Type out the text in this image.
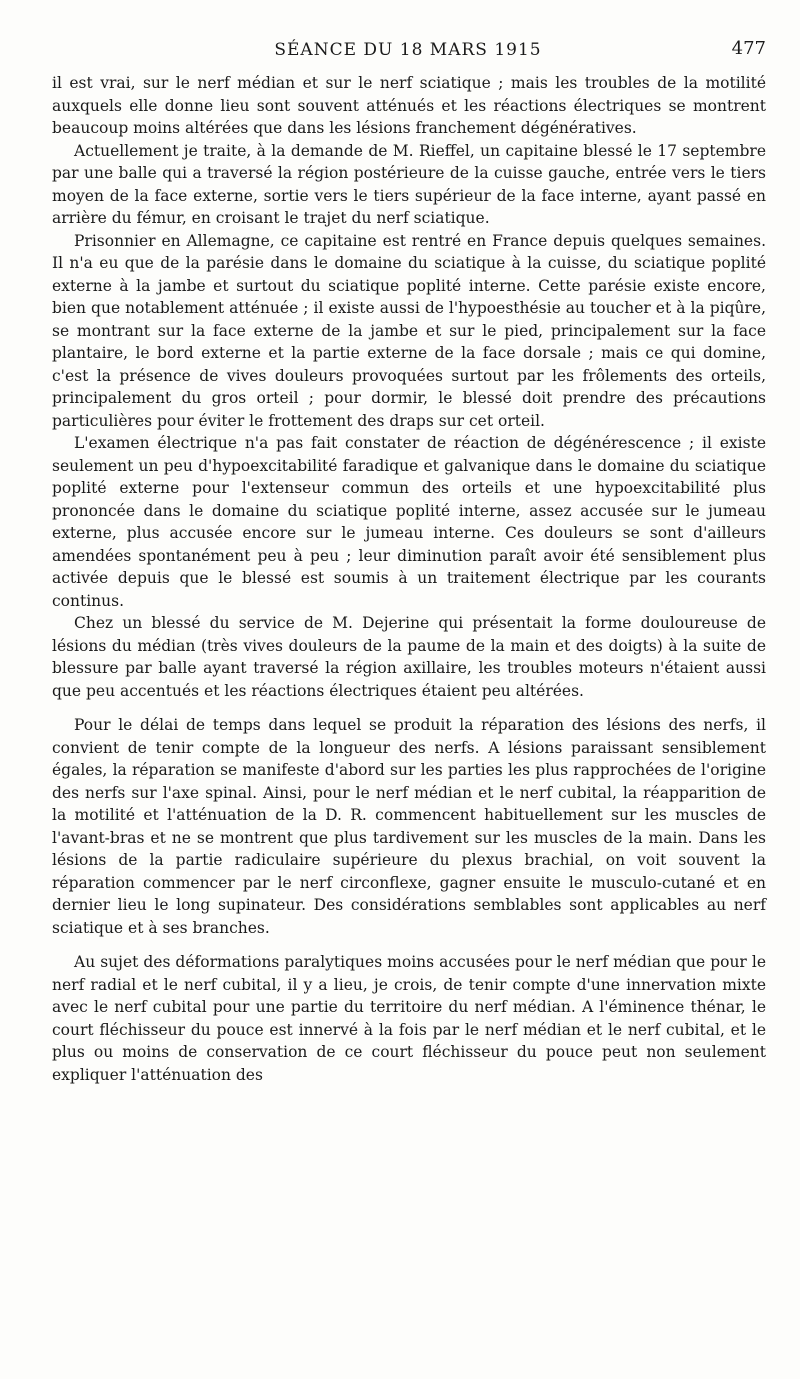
SÉANCE DU 18 MARS 1915	477

il est vrai, sur le nerf médian et sur le nerf sciatique ; mais les troubles de la motilité auxquels elle donne lieu sont souvent atténués et les réactions électriques se montrent beaucoup moins altérées que dans les lésions franchement dégénératives.

Actuellement je traite, à la demande de M. Rieffel, un capitaine blessé le 17 septembre par une balle qui a traversé la région postérieure de la cuisse gauche, entrée vers le tiers moyen de la face externe, sortie vers le tiers supérieur de la face interne, ayant passé en arrière du fémur, en croisant le trajet du nerf sciatique.

Prisonnier en Allemagne, ce capitaine est rentré en France depuis quelques semaines. Il n'a eu que de la parésie dans le domaine du sciatique à la cuisse, du sciatique poplité externe à la jambe et surtout du sciatique poplité interne. Cette parésie existe encore, bien que notablement atténuée ; il existe aussi de l'hypoesthésie au toucher et à la piqûre, se montrant sur la face externe de la jambe et sur le pied, principalement sur la face plantaire, le bord externe et la partie externe de la face dorsale ; mais ce qui domine, c'est la présence de vives douleurs provoquées surtout par les frôlements des orteils, principalement du gros orteil ; pour dormir, le blessé doit prendre des précautions particulières pour éviter le frottement des draps sur cet orteil.

L'examen électrique n'a pas fait constater de réaction de dégénérescence ; il existe seulement un peu d'hypoexcitabilité faradique et galvanique dans le domaine du sciatique poplité externe pour l'extenseur commun des orteils et une hypoexcitabilité plus prononcée dans le domaine du sciatique poplité interne, assez accusée sur le jumeau externe, plus accusée encore sur le jumeau interne. Ces douleurs se sont d'ailleurs amendées spontanément peu à peu ; leur diminution paraît avoir été sensiblement plus activée depuis que le blessé est soumis à un traitement électrique par les courants continus.

Chez un blessé du service de M. Dejerine qui présentait la forme douloureuse de lésions du médian (très vives douleurs de la paume de la main et des doigts) à la suite de blessure par balle ayant traversé la région axillaire, les troubles moteurs n'étaient aussi que peu accentués et les réactions électriques étaient peu altérées.

Pour le délai de temps dans lequel se produit la réparation des lésions des nerfs, il convient de tenir compte de la longueur des nerfs. A lésions paraissant sensiblement égales, la réparation se manifeste d'abord sur les parties les plus rapprochées de l'origine des nerfs sur l'axe spinal. Ainsi, pour le nerf médian et le nerf cubital, la réapparition de la motilité et l'atténuation de la D. R. commencent habituellement sur les muscles de l'avant-bras et ne se montrent que plus tardivement sur les muscles de la main. Dans les lésions de la partie radiculaire supérieure du plexus brachial, on voit souvent la réparation commencer par le nerf circonflexe, gagner ensuite le musculo-cutané et en dernier lieu le long supinateur. Des considérations semblables sont applicables au nerf sciatique et à ses branches.

Au sujet des déformations paralytiques moins accusées pour le nerf médian que pour le nerf radial et le nerf cubital, il y a lieu, je crois, de tenir compte d'une innervation mixte avec le nerf cubital pour une partie du territoire du nerf médian. A l'éminence thénar, le court fléchisseur du pouce est innervé à la fois par le nerf médian et le nerf cubital, et le plus ou moins de conservation de ce court fléchisseur du pouce peut non seulement expliquer l'atténuation des
